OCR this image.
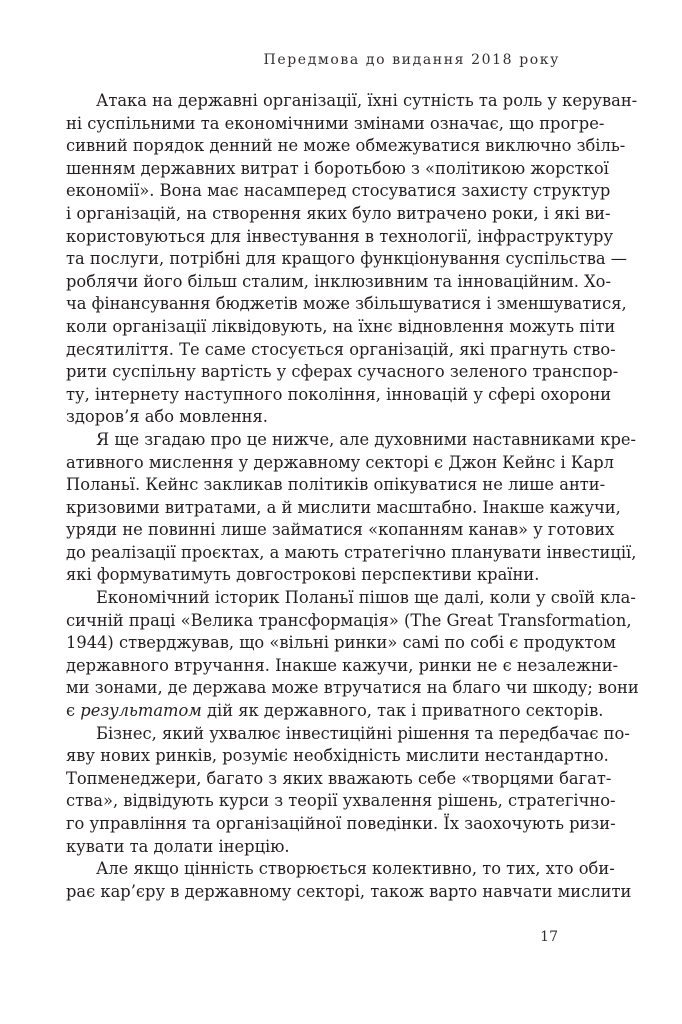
Передмова до видання 2018 року
Атака на державні організації, їхні сутність та роль у керуван-
ні суспільними та економічними змінами означає, що прогре-
сивний порядок денний не може обмежуватися виключно збіль-
шенням державних витрат і боротьбою з «політикою жорсткої
економії». Вона має насамперед стосуватися захисту структур
і організацій, на створення яких було витрачено роки, і які ви-
користовуються для інвестування в технології, інфраструктуру
та послуги, потрібні для кращого функціонування суспільства —
роблячи його більш сталим, інклюзивним та інноваційним. Хо-
ча фінансування бюджетів може збільшуватися і зменшуватися,
коли організації ліквідовують, на їхнє відновлення можуть піти
десятиліття. Те саме стосується організацій, які прагнуть ство-
рити суспільну вартість у сферах сучасного зеленого транспор-
ту, інтернету наступного покоління, інновацій у сфері охорони
здоров’я або мовлення.
Я ще згадаю про це нижче, але духовними наставниками кре-
ативного мислення у державному секторі є Джон Кейнс і Карл
Поланьї. Кейнс закликав політиків опікуватися не лише анти-
кризовими витратами, а й мислити масштабно. Інакше кажучи,
уряди не повинні лише займатися «копанням канав» у готових
до реалізації проєктах, а мають стратегічно планувати інвестиції,
які формуватимуть довгострокові перспективи країни.
Економічний історик Поланьї пішов ще далі, коли у своїй кла-
сичній праці «Велика трансформація» (The Great Transformation,
1944) стверджував, що «вільні ринки» самі по собі є продуктом
державного втручання. Інакше кажучи, ринки не є незалежни-
ми зонами, де держава може втручатися на благо чи шкоду; вони
є результатом дій як державного, так і приватного секторів.
Бізнес, який ухвалює інвестиційні рішення та передбачає по-
яву нових ринків, розуміє необхідність мислити нестандартно.
Топменеджери, багато з яких вважають себе «творцями багат-
ства», відвідують курси з теорії ухвалення рішень, стратегічно-
го управління та організаційної поведінки. Їх заохочують ризи-
кувати та долати інерцію.
Але якщо цінність створюється колективно, то тих, хто оби-
рає кар’єру в державному секторі, також варто навчати мислити
17
